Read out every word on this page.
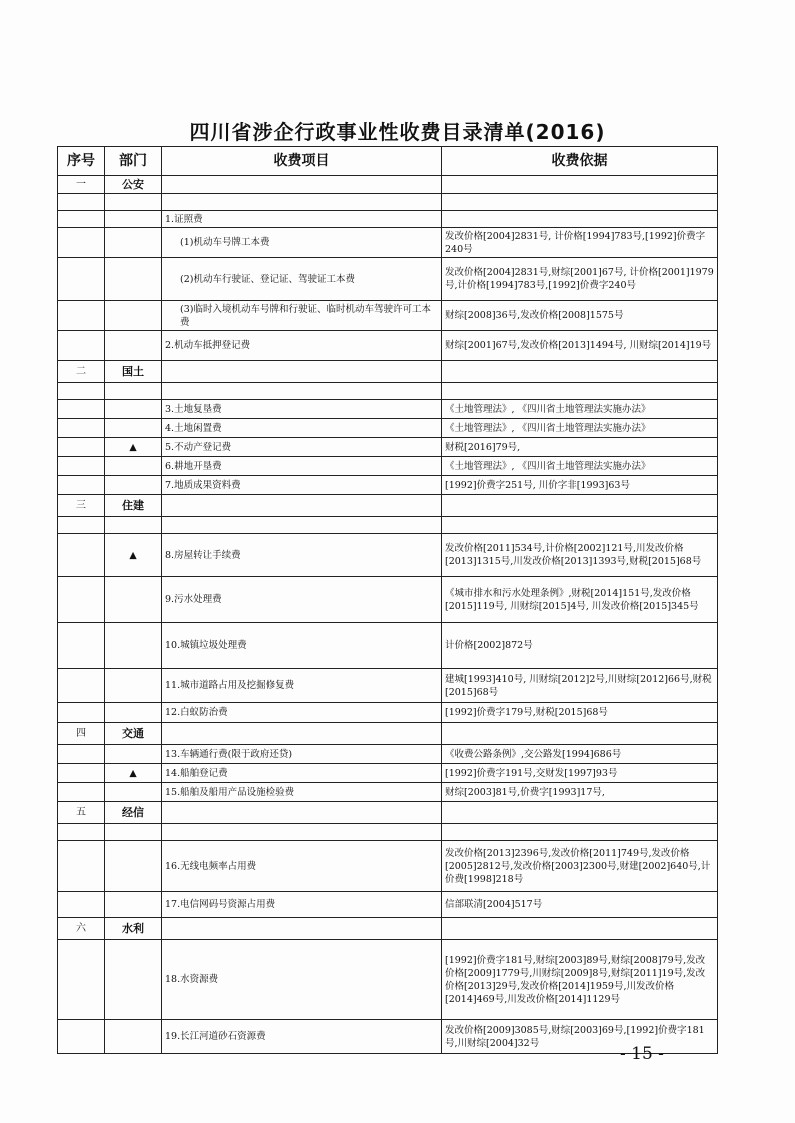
四川省涉企行政事业性收费目录清单(2016)
序号	部门	收费项目	收费依据
一	公安		

		1.证照费	
		(1)机动车号牌工本费	发改价格[2004]2831号, 计价格[1994]783号,[1992]价费字240号
		(2)机动车行驶证、登记证、驾驶证工本费	发改价格[2004]2831号,财综[2001]67号, 计价格[2001]1979号,计价格[1994]783号,[1992]价费字240号
		(3)临时入境机动车号牌和行驶证、临时机动车驾驶许可工本费	财综[2008]36号,发改价格[2008]1575号
		2.机动车抵押登记费	财综[2001]67号,发改价格[2013]1494号, 川财综[2014]19号
二	国土		

		3.土地复垦费	《土地管理法》, 《四川省土地管理法实施办法》
		4.土地闲置费	《土地管理法》, 《四川省土地管理法实施办法》
	▲	5.不动产登记费	财税[2016]79号,
		6.耕地开垦费	《土地管理法》, 《四川省土地管理法实施办法》
		7.地质成果资料费	[1992]价费字251号, 川价字非[1993]63号
三	住建		

	▲	8.房屋转让手续费	发改价格[2011]534号,计价格[2002]121号,川发改价格[2013]1315号,川发改价格[2013]1393号,财税[2015]68号
		9.污水处理费	《城市排水和污水处理条例》,财税[2014]151号,发改价格[2015]119号, 川财综[2015]4号, 川发改价格[2015]345号
		10.城镇垃圾处理费	计价格[2002]872号
		11.城市道路占用及挖掘修复费	建城[1993]410号, 川财综[2012]2号,川财综[2012]66号,财税[2015]68号
		12.白蚁防治费	[1992]价费字179号,财税[2015]68号
四	交通		
		13.车辆通行费(限于政府还贷)	《收费公路条例》,交公路发[1994]686号
	▲	14.船舶登记费	[1992]价费字191号,交财发[1997]93号
		15.船舶及船用产品设施检验费	财综[2003]81号,价费字[1993]17号,
五	经信		

		16.无线电频率占用费	发改价格[2013]2396号,发改价格[2011]749号,发改价格[2005]2812号,发改价格[2003]2300号,财建[2002]640号,计价费[1998]218号
		17.电信网码号资源占用费	信部联清[2004]517号
六	水利		
		18.水资源费	[1992]价费字181号,财综[2003]89号,财综[2008]79号,发改价格[2009]1779号,川财综[2009]8号,财综[2011]19号,发改价格[2013]29号,发改价格[2014]1959号,川发改价格[2014]469号,川发改价格[2014]1129号
		19.长江河道砂石资源费	发改价格[2009]3085号,财综[2003]69号,[1992]价费字181号,川财综[2004]32号
- 15 -
